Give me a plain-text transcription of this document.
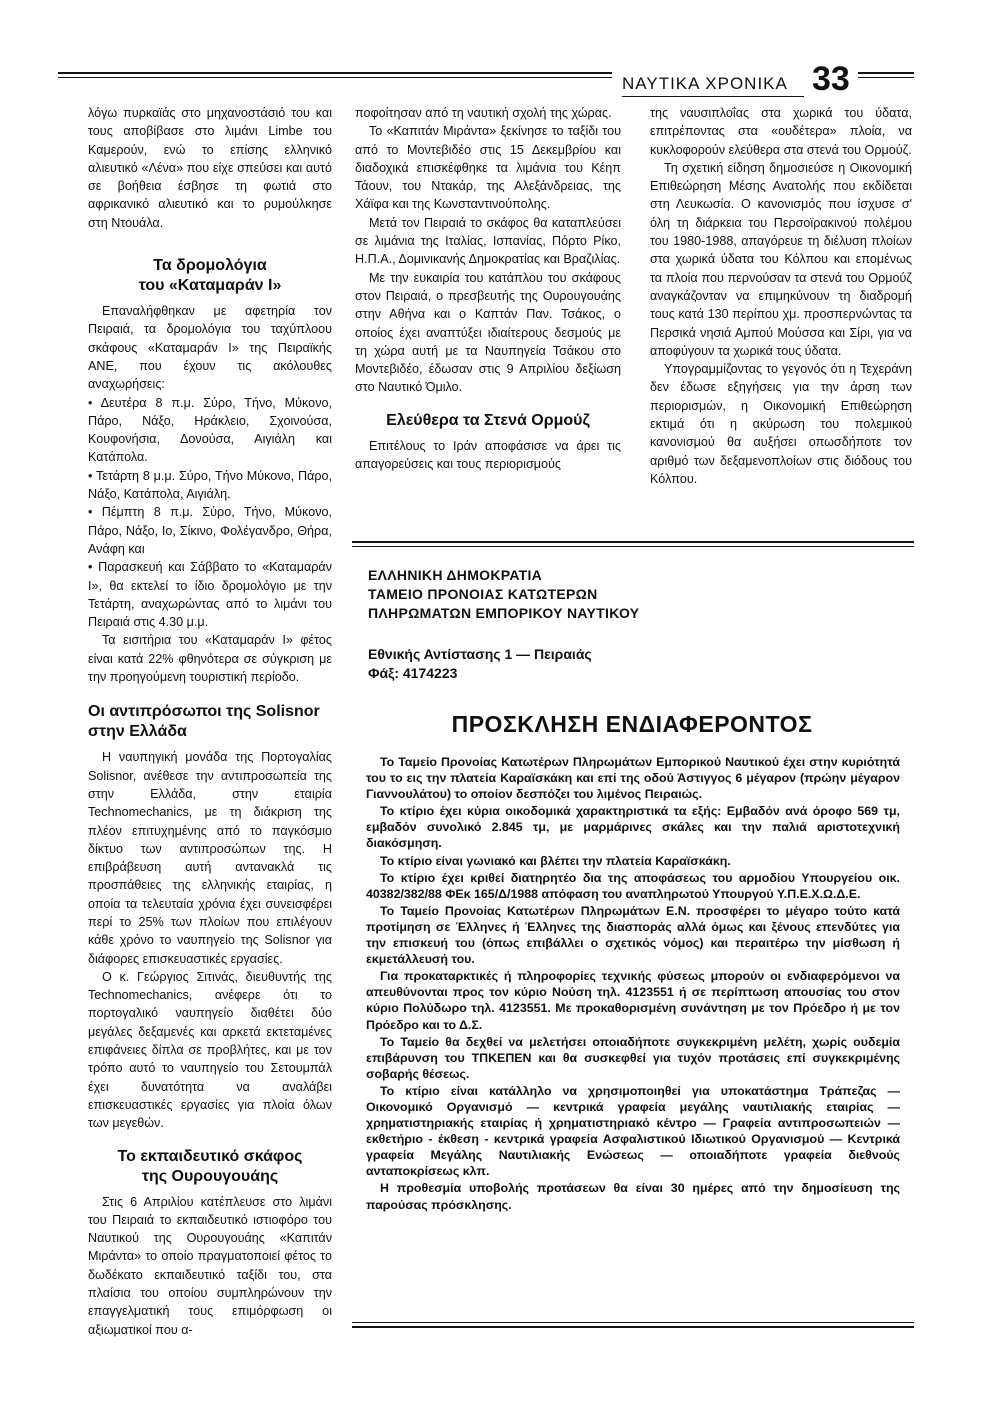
ΝΑΥΤΙΚΑ ΧΡΟΝΙΚΑ 33

λόγω πυρκαϊάς στο μηχανοστάσιό του και τους αποβίβασε στο λιμάνι Limbe του Καμερούν, ενώ το επίσης ελληνικό αλιευτικό «Λένα» που είχε σπεύσει και αυτό σε βοήθεια έσβησε τη φωτιά στο αφρικανικό αλιευτικό και το ρυμούλκησε στη Ντουάλα.

Τα δρομολόγια
του «Καταμαράν Ι»

Επαναλήφθηκαν με αφετηρία τον Πειραιά, τα δρομολόγια του ταχύπλοου σκάφους «Καταμαράν Ι» της Πειραϊκής ΑΝΕ, που έχουν τις ακόλουθες αναχωρήσεις:

• Δευτέρα 8 π.μ. Σύρο, Τήνο, Μύκονο, Πάρο, Νάξο, Ηράκλειο, Σχοινούσα, Κουφονήσια, Δονούσα, Αιγιάλη και Κατάπολα.

• Τετάρτη 8 μ.μ. Σύρο, Τήνο Μύκονο, Πάρο, Νάξο, Κατάπολα, Αιγιάλη.

• Πέμπτη 8 π.μ. Σύρο, Τήνο, Μύκονο, Πάρο, Νάξο, Ιο, Σίκινο, Φολέγανδρο, Θήρα, Ανάφη και

• Παρασκευή και Σάββατο το «Καταμαράν Ι», θα εκτελεί το ίδιο δρομολόγιο με την Τετάρτη, αναχωρώντας από το λιμάνι του Πειραιά στις 4.30 μ.μ.

Τα εισιτήρια του «Καταμαράν Ι» φέτος είναι κατά 22% φθηνότερα σε σύγκριση με την προηγούμενη τουριστική περίοδο.

Οι αντιπρόσωποι της Solisnor
στην Ελλάδα

Η ναυπηγική μονάδα της Πορτογαλίας Solisnor, ανέθεσε την αντιπροσωπεία της στην Ελλάδα, στην εταιρία Technomechanics, με τη διάκριση της πλέον επιτυχημένης από το παγκόσμιο δίκτυο των αντιπροσώπων της. Η επιβράβευση αυτή αντανακλά τις προσπάθειες της ελληνικής εταιρίας, η οποία τα τελευταία χρόνια έχει συνεισφέρει περί το 25% των πλοίων που επιλέγουν κάθε χρόνο το ναυπηγείο της Solisnor για διάφορες επισκευαστικές εργασίες.

Ο κ. Γεώργιος Σιτινάς, διευθυντής της Technomechanics, ανέφερε ότι το πορτογαλικό ναυπηγείο διαθέτει δύο μεγάλες δεξαμενές και αρκετά εκτεταμένες επιφάνειες δίπλα σε προβλήτες, και με τον τρόπο αυτό το ναυπηγείο του Σετουμπάλ έχει δυνατότητα να αναλάβει επισκευαστικές εργασίες για πλοία όλων των μεγεθών.

Το εκπαιδευτικό σκάφος
της Ουρουγουάης

Στις 6 Απριλίου κατέπλευσε στο λιμάνι του Πειραιά το εκπαιδευτικό ιστιοφόρο του Ναυτικού της Ουρουγουάης «Καπιτάν Μιράντα» το οποίο πραγματοποιεί φέτος το δωδέκατο εκπαιδευτικό ταξίδι του, στα πλαίσια του οποίου συμπληρώνουν την επαγγελματική τους επιμόρφωση οι αξιωματικοί που α-

ποφοίτησαν από τη ναυτική σχολή της χώρας.

Το «Καπιτάν Μιράντα» ξεκίνησε το ταξίδι του από το Μοντεβιδέο στις 15 Δεκεμβρίου και διαδοχικά επισκέφθηκε τα λιμάνια του Κέηπ Τάουν, του Ντακάρ, της Αλεξάνδρειας, της Χάϊφα και της Κωνσταντινούπολης.

Μετά τον Πειραιά το σκάφος θα καταπλεύσει σε λιμάνια της Ιταλίας, Ισπανίας, Πόρτο Ρίκο, Η.Π.Α., Δομινικανής Δημοκρατίας και Βραζιλίας.

Με την ευκαιρία του κατάπλου του σκάφους στον Πειραιά, ο πρεσβευτής της Ουρουγουάης στην Αθήνα και ο Καπτάν Παν. Τσάκος, ο οποίος έχει αναπτύξει ιδιαίτερους δεσμούς με τη χώρα αυτή με τα Ναυπηγεία Τσάκου στο Μοντεβιδέο, έδωσαν στις 9 Απριλίου δεξίωση στο Ναυτικό Όμιλο.

Ελεύθερα τα Στενά Ορμούζ

Επιτέλους το Ιράν αποφάσισε να άρει τις απαγορεύσεις και τους περιορισμούς

της ναυσιπλοΐας στα χωρικά του ύδατα, επιτρέποντας στα «ουδέτερα» πλοία, να κυκλοφορούν ελεύθερα στα στενά του Ορμούζ.

Τη σχετική είδηση δημοσιεύσε η Οικονομική Επιθεώρηση Μέσης Ανατολής που εκδίδεται στη Λευκωσία. Ο κανονισμός που ίσχυσε σ' όλη τη διάρκεια του Περσοϊρακινού πολέμου του 1980-1988, απαγόρευε τη διέλυση πλοίων στα χωρικά ύδατα του Κόλπου και επομένως τα πλοία που περνούσαν τα στενά του Ορμούζ αναγκάζονταν να επιμηκύνουν τη διαδρομή τους κατά 130 περίπου χμ. προσπερνώντας τα Περσικά νησιά Αμπού Μούσσα και Σίρι, για να αποφύγουν τα χωρικά τους ύδατα.

Υπογραμμίζοντας το γεγονός ότι η Τεχεράνη δεν έδωσε εξηγήσεις για την άρση των περιορισμών, η Οικονομική Επιθεώρηση εκτιμά ότι η ακύρωση του πολεμικού κανονισμού θα αυξήσει οπωσδήποτε τον αριθμό των δεξαμενοπλοίων στις διόδους του Κόλπου.

ΕΛΛΗΝΙΚΗ ΔΗΜΟΚΡΑΤΙΑ
ΤΑΜΕΙΟ ΠΡΟΝΟΙΑΣ ΚΑΤΩΤΕΡΩΝ
ΠΛΗΡΩΜΑΤΩΝ ΕΜΠΟΡΙΚΟΥ ΝΑΥΤΙΚΟΥ
Εθνικής Αντίστασης 1 — Πειραιάς
Φάξ: 4174223
ΠΡΟΣΚΛΗΣΗ ΕΝΔΙΑΦΕΡΟΝΤΟΣ

Το Ταμείο Προνοίας Κατωτέρων Πληρωμάτων Εμπορικού Ναυτικού έχει στην κυριότητά του το εις την πλατεία Καραϊσκάκη και επί της οδού Άστιγγος 6 μέγαρον (πρώην μέγαρον Γιαννουλάτου) το οποίον δεσπόζει του λιμένος Πειραιώς.

Το κτίριο έχει κύρια οικοδομικά χαρακτηριστικά τα εξής: Εμβαδόν ανά όροφο 569 τμ, εμβαδόν συνολικό 2.845 τμ, με μαρμάρινες σκάλες και την παλιά αριστοτεχνική διακόσμηση.

Το κτίριο είναι γωνιακό και βλέπει την πλατεία Καραϊσκάκη.

Το κτίριο έχει κριθεί διατηρητέο δια της αποφάσεως του αρμοδίου Υπουργείου οικ. 40382/382/88 ΦΕκ 165/Δ/1988 απόφαση του αναπληρωτού Υπουργού Υ.Π.Ε.Χ.Ω.Δ.Ε.

Το Ταμείο Προνοίας Κατωτέρων Πληρωμάτων Ε.Ν. προσφέρει το μέγαρο τούτο κατά προτίμηση σε Έλληνες ή Έλληνες της διασποράς αλλά όμως και ξένους επενδύτες για την επισκευή του (όπως επιβάλλει ο σχετικός νόμος) και περαιτέρω την μίσθωση ή εκμετάλλευσή του.

Για προκαταρκτικές ή πληροφορίες τεχνικής φύσεως μπορούν οι ενδιαφερόμενοι να απευθύνονται προς τον κύριο Νούση τηλ. 4123551 ή σε περίπτωση απουσίας του στον κύριο Πολύδωρο τηλ. 4123551. Με προκαθορισμένη συνάντηση με τον Πρόεδρο ή με τον Πρόεδρο και το Δ.Σ.

Το Ταμείο θα δεχθεί να μελετήσει οποιαδήποτε συγκεκριμένη μελέτη, χωρίς ουδεμία επιβάρυνση του ΤΠΚΕΠΕΝ και θα συσκεφθεί για τυχόν προτάσεις επί συγκεκριμένης σοβαρής θέσεως.

Το κτίριο είναι κατάλληλο να χρησιμοποιηθεί για υποκατάστημα Τράπεζας — Οικονομικό Οργανισμό — κεντρικά γραφεία μεγάλης ναυτιλιακής εταιρίας — χρηματιστηριακής εταιρίας ή χρηματιστηριακό κέντρο — Γραφεία αντιπροσωπειών — εκθετήριο - έκθεση - κεντρικά γραφεία Ασφαλιστικού Ιδιωτικού Οργανισμού — Κεντρικά γραφεία Μεγάλης Ναυτιλιακής Ενώσεως — οποιαδήποτε γραφεία διεθνούς ανταποκρίσεως κλπ.

Η προθεσμία υποβολής προτάσεων θα είναι 30 ημέρες από την δημοσίευση της παρούσας πρόσκλησης.
